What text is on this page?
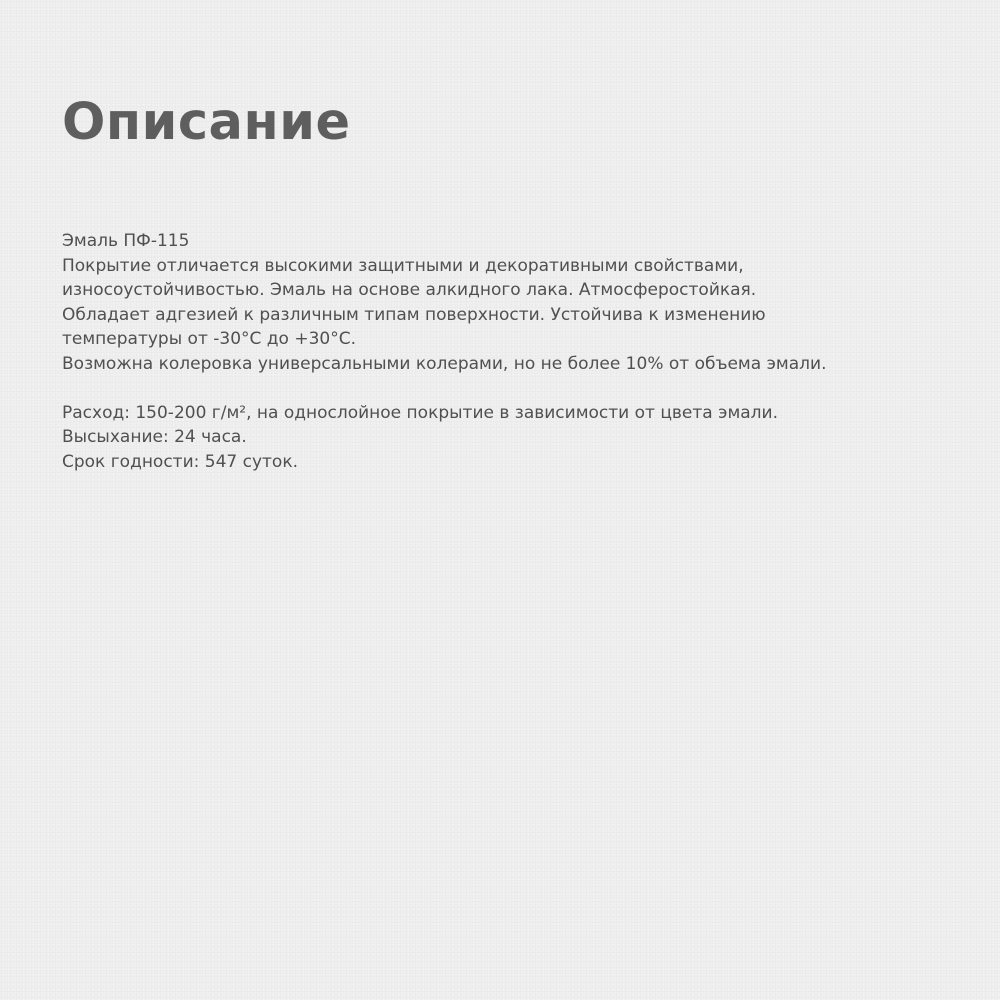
Описание
Эмаль ПФ-115
Покрытие отличается высокими защитными и декоративными свойствами,
износоустойчивостью. Эмаль на основе алкидного лака. Атмосферостойкая.
Обладает адгезией к различным типам поверхности. Устойчива к изменению
температуры от -30°С до +30°С.
Возможна колеровка универсальными колерами, но не более 10% от объема эмали.
Расход: 150-200 г/м², на однослойное покрытие в зависимости от цвета эмали.
Высыхание: 24 часа.
Срок годности: 547 суток.
